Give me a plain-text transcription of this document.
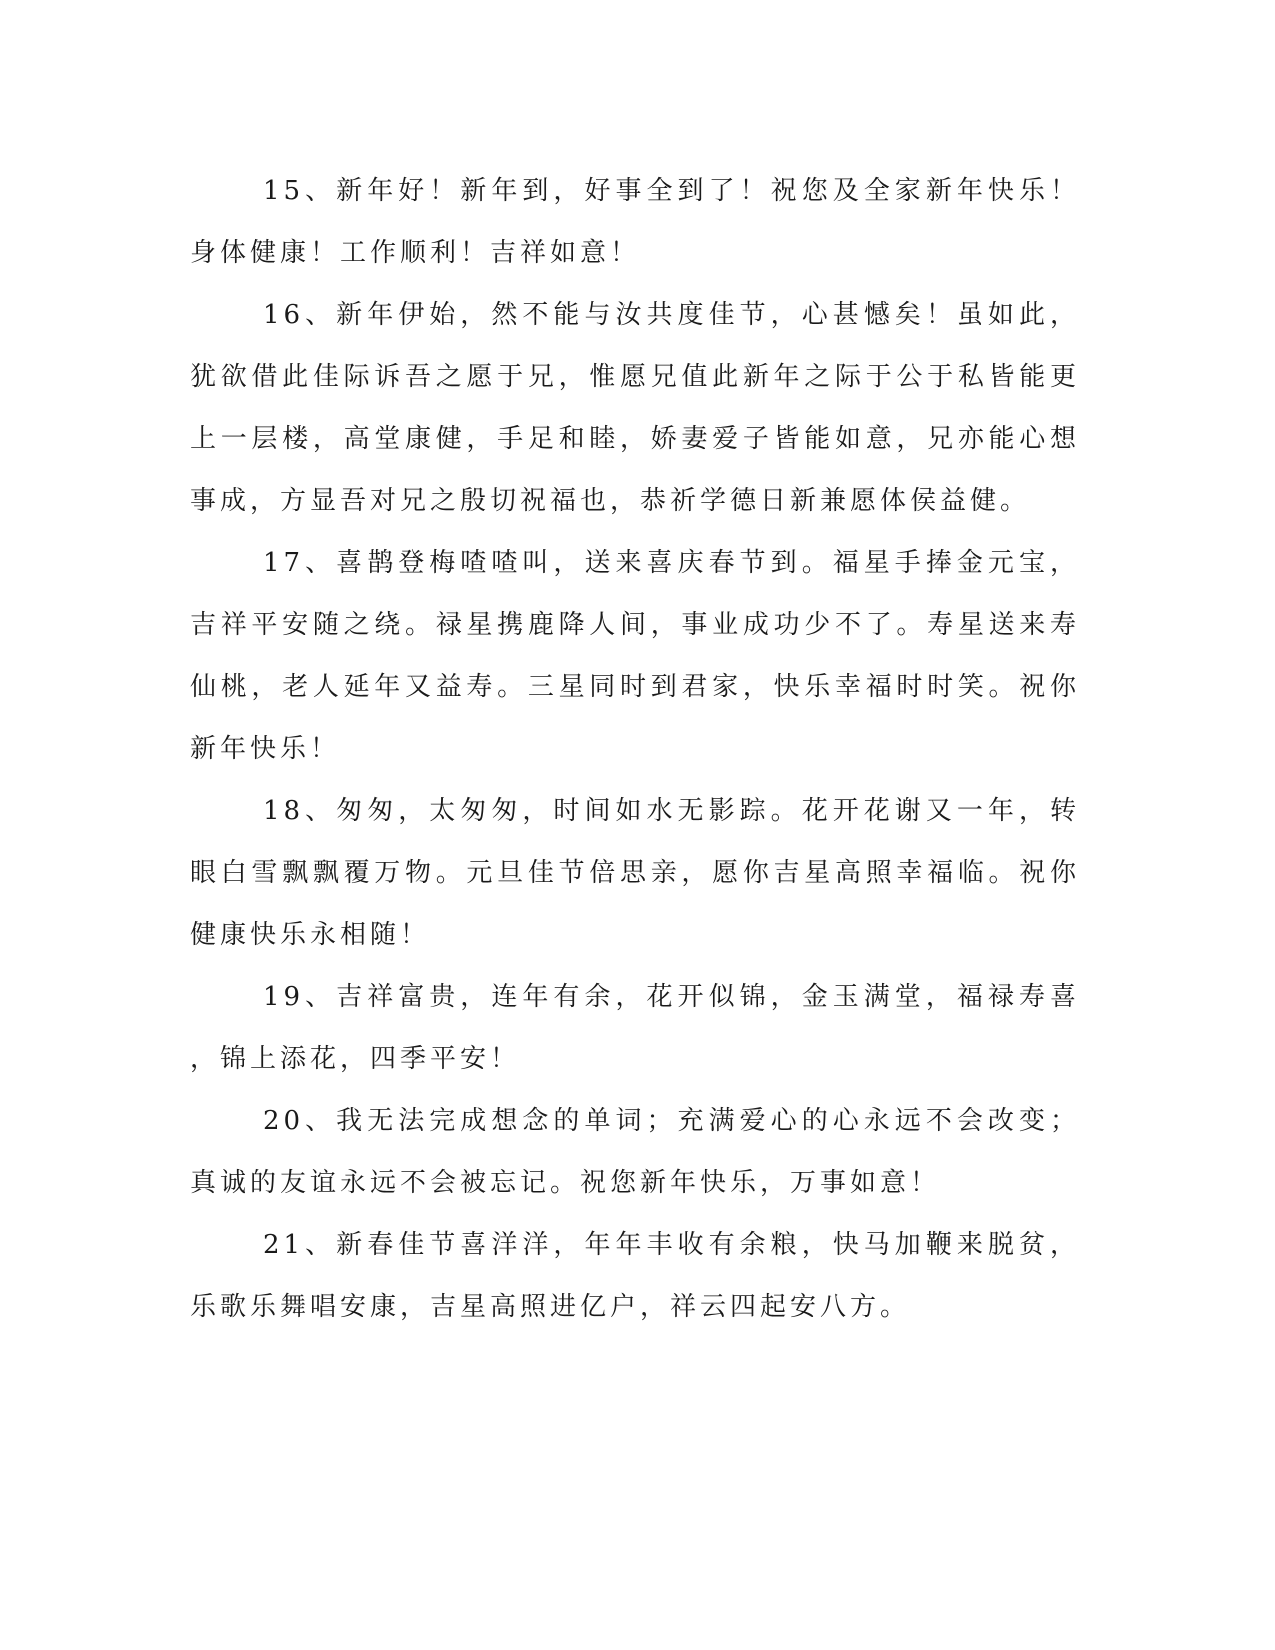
15、新年好！新年到，好事全到了！祝您及全家新年快乐！身体健康！工作顺利！吉祥如意！

16、新年伊始，然不能与汝共度佳节，心甚憾矣！虽如此，犹欲借此佳际诉吾之愿于兄，惟愿兄值此新年之际于公于私皆能更上一层楼，高堂康健，手足和睦，娇妻爱子皆能如意，兄亦能心想事成，方显吾对兄之殷切祝福也，恭祈学德日新兼愿体侯益健。

17、喜鹊登梅喳喳叫，送来喜庆春节到。福星手捧金元宝，吉祥平安随之绕。禄星携鹿降人间，事业成功少不了。寿星送来寿仙桃，老人延年又益寿。三星同时到君家，快乐幸福时时笑。祝你新年快乐！

18、匆匆，太匆匆，时间如水无影踪。花开花谢又一年，转眼白雪飘飘覆万物。元旦佳节倍思亲，愿你吉星高照幸福临。祝你健康快乐永相随！

19、吉祥富贵，连年有余，花开似锦，金玉满堂，福禄寿喜，锦上添花，四季平安！

20、我无法完成想念的单词；充满爱心的心永远不会改变；真诚的友谊永远不会被忘记。祝您新年快乐，万事如意！

21、新春佳节喜洋洋，年年丰收有余粮，快马加鞭来脱贫，乐歌乐舞唱安康，吉星高照进亿户，祥云四起安八方。
